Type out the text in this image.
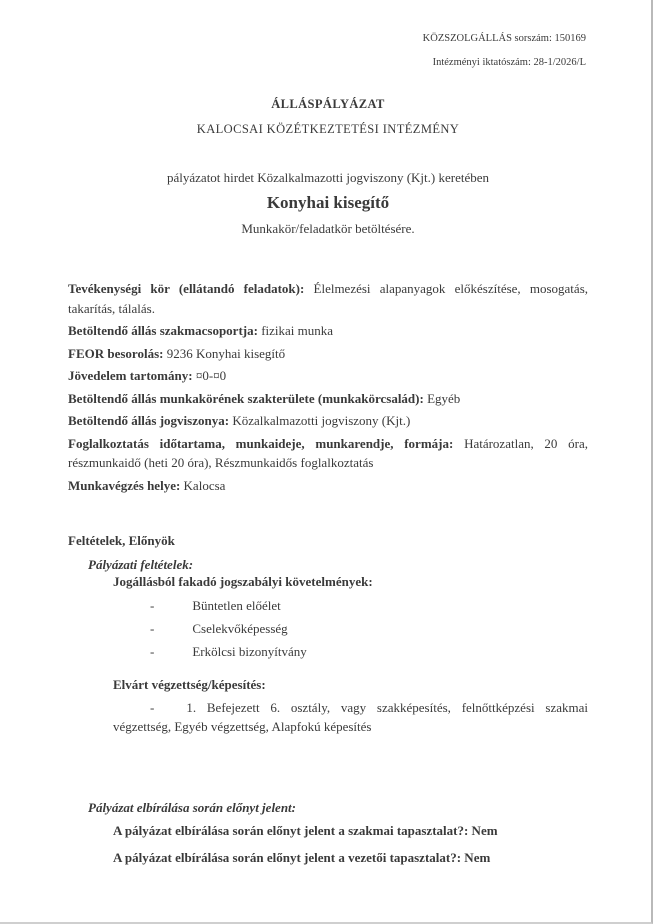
KÖZSZOLGÁLLÁS sorszám: 150169
Intézményi iktatószám: 28-1/2026/L
ÁLLÁSPÁLYÁZAT
KALOCSAI KÖZÉTKEZTETÉSI INTÉZMÉNY
pályázatot hirdet Közalkalmazotti jogviszony (Kjt.) keretében
Konyhai kisegítő
Munkakör/feladatkör betöltésére.

Tevékenységi kör (ellátandó feladatok): Élelmezési alapanyagok előkészítése, mosogatás, takarítás, tálalás.

Betöltendő állás szakmacsoportja: fizikai munka

FEOR besorolás: 9236 Konyhai kisegítő

Jövedelem tartomány: ¤0-¤0

Betöltendő állás munkakörének szakterülete (munkakörcsalád): Egyéb

Betöltendő állás jogviszonya: Közalkalmazotti jogviszony (Kjt.)

Foglalkoztatás időtartama, munkaideje, munkarendje, formája: Határozatlan, 20 óra, részmunkaidő (heti 20 óra), Részmunkaidős foglalkoztatás

Munkavégzés helye: Kalocsa

Feltételek, Előnyök
Pályázati feltételek:
Jogállásból fakadó jogszabályi követelmények:
-	Büntetlen előélet
-	Cselekvőképesség
-	Erkölcsi bizonyítvány
Elvárt végzettség/képesítés:

- 1. Befejezett 6. osztály, vagy szakképesítés, felnőttképzési szakmai végzettség, Egyéb végzettség, Alapfokú képesítés

Pályázat elbírálása során előnyt jelent:
A pályázat elbírálása során előnyt jelent a szakmai tapasztalat?: Nem
A pályázat elbírálása során előnyt jelent a vezetői tapasztalat?: Nem
